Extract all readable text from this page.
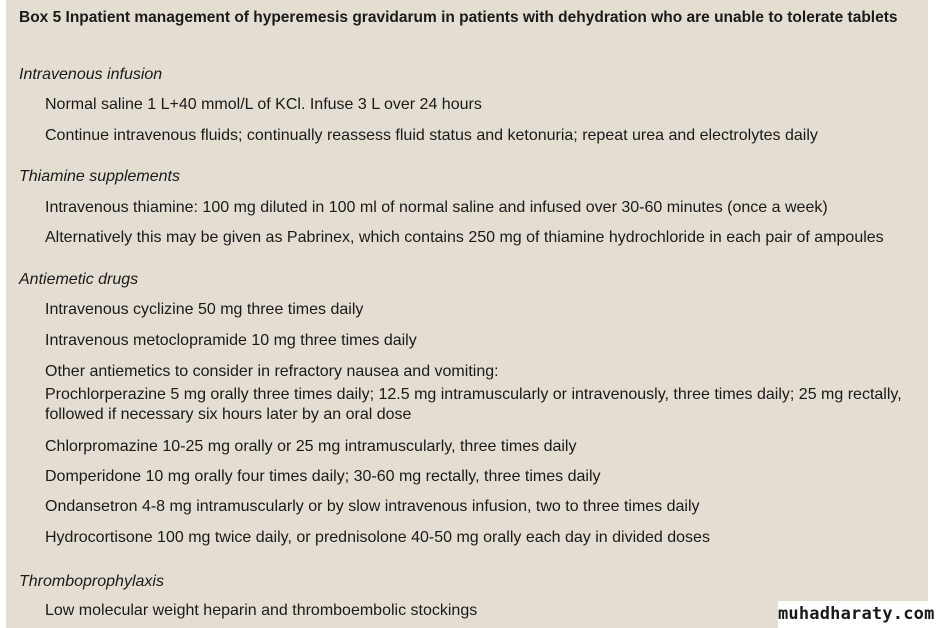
Box 5 Inpatient management of hyperemesis gravidarum in patients with dehydration who are unable to tolerate tablets
Intravenous infusion
Normal saline 1 L+40 mmol/L of KCl. Infuse 3 L over 24 hours
Continue intravenous fluids; continually reassess fluid status and ketonuria; repeat urea and electrolytes daily
Thiamine supplements
Intravenous thiamine: 100 mg diluted in 100 ml of normal saline and infused over 30-60 minutes (once a week)
Alternatively this may be given as Pabrinex, which contains 250 mg of thiamine hydrochloride in each pair of ampoules
Antiemetic drugs
Intravenous cyclizine 50 mg three times daily
Intravenous metoclopramide 10 mg three times daily
Other antiemetics to consider in refractory nausea and vomiting:
Prochlorperazine 5 mg orally three times daily; 12.5 mg intramuscularly or intravenously, three times daily; 25 mg rectally, followed if necessary six hours later by an oral dose
Chlorpromazine 10-25 mg orally or 25 mg intramuscularly, three times daily
Domperidone 10 mg orally four times daily; 30-60 mg rectally, three times daily
Ondansetron 4-8 mg intramuscularly or by slow intravenous infusion, two to three times daily
Hydrocortisone 100 mg twice daily, or prednisolone 40-50 mg orally each day in divided doses
Thromboprophylaxis
Low molecular weight heparin and thromboembolic stockings	muhadharaty.com
